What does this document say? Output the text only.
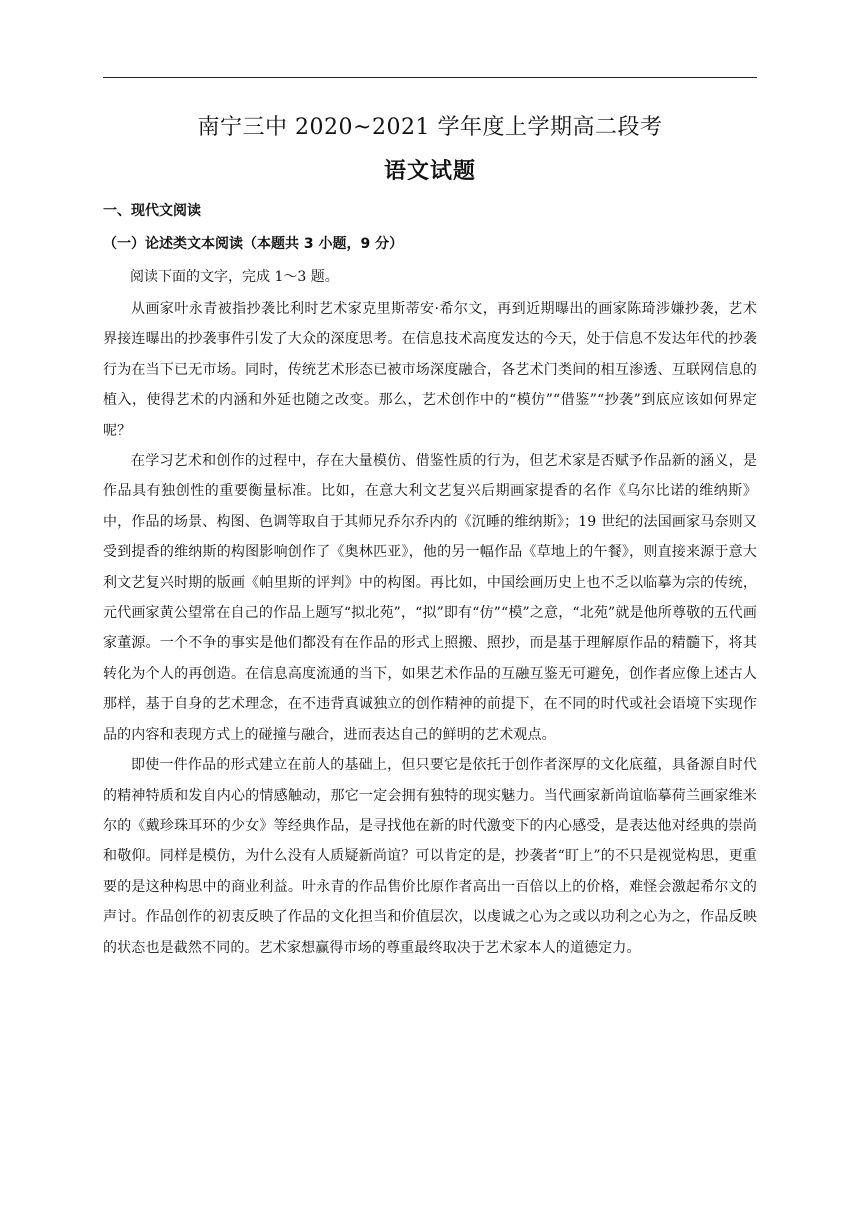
南宁三中 2020~2021 学年度上学期高二段考
语文试题
一、现代文阅读
（一）论述类文本阅读（本题共 3 小题，9 分）
阅读下面的文字，完成 1～3 题。

从画家叶永青被指抄袭比利时艺术家克里斯蒂安·希尔文，再到近期曝出的画家陈琦涉嫌抄袭，艺术界接连曝出的抄袭事件引发了大众的深度思考。在信息技术高度发达的今天，处于信息不发达年代的抄袭行为在当下已无市场。同时，传统艺术形态已被市场深度融合，各艺术门类间的相互渗透、互联网信息的植入，使得艺术的内涵和外延也随之改变。那么，艺术创作中的“模仿”“借鉴”“抄袭”到底应该如何界定呢？

在学习艺术和创作的过程中，存在大量模仿、借鉴性质的行为，但艺术家是否赋予作品新的涵义，是作品具有独创性的重要衡量标准。比如，在意大利文艺复兴后期画家提香的名作《乌尔比诺的维纳斯》中，作品的场景、构图、色调等取自于其师兄乔尔乔内的《沉睡的维纳斯》；19 世纪的法国画家马奈则又受到提香的维纳斯的构图影响创作了《奥林匹亚》，他的另一幅作品《草地上的午餐》，则直接来源于意大利文艺复兴时期的版画《帕里斯的评判》中的构图。再比如，中国绘画历史上也不乏以临摹为宗的传统，元代画家黄公望常在自己的作品上题写“拟北苑”，“拟”即有“仿”“模”之意，“北苑”就是他所尊敬的五代画家董源。一个不争的事实是他们都没有在作品的形式上照搬、照抄，而是基于理解原作品的精髓下，将其转化为个人的再创造。在信息高度流通的当下，如果艺术作品的互融互鉴无可避免，创作者应像上述古人那样，基于自身的艺术理念，在不违背真诚独立的创作精神的前提下，在不同的时代或社会语境下实现作品的内容和表现方式上的碰撞与融合，进而表达自己的鲜明的艺术观点。

即使一件作品的形式建立在前人的基础上，但只要它是依托于创作者深厚的文化底蕴，具备源自时代的精神特质和发自内心的情感触动，那它一定会拥有独特的现实魅力。当代画家新尚谊临摹荷兰画家维米尔的《戴珍珠耳环的少女》等经典作品，是寻找他在新的时代激变下的内心感受，是表达他对经典的崇尚和敬仰。同样是模仿，为什么没有人质疑新尚谊？可以肯定的是，抄袭者“盯上”的不只是视觉构思，更重要的是这种构思中的商业利益。叶永青的作品售价比原作者高出一百倍以上的价格，难怪会激起希尔文的声讨。作品创作的初衷反映了作品的文化担当和价值层次，以虔诚之心为之或以功利之心为之，作品反映的状态也是截然不同的。艺术家想赢得市场的尊重最终取决于艺术家本人的道德定力。
